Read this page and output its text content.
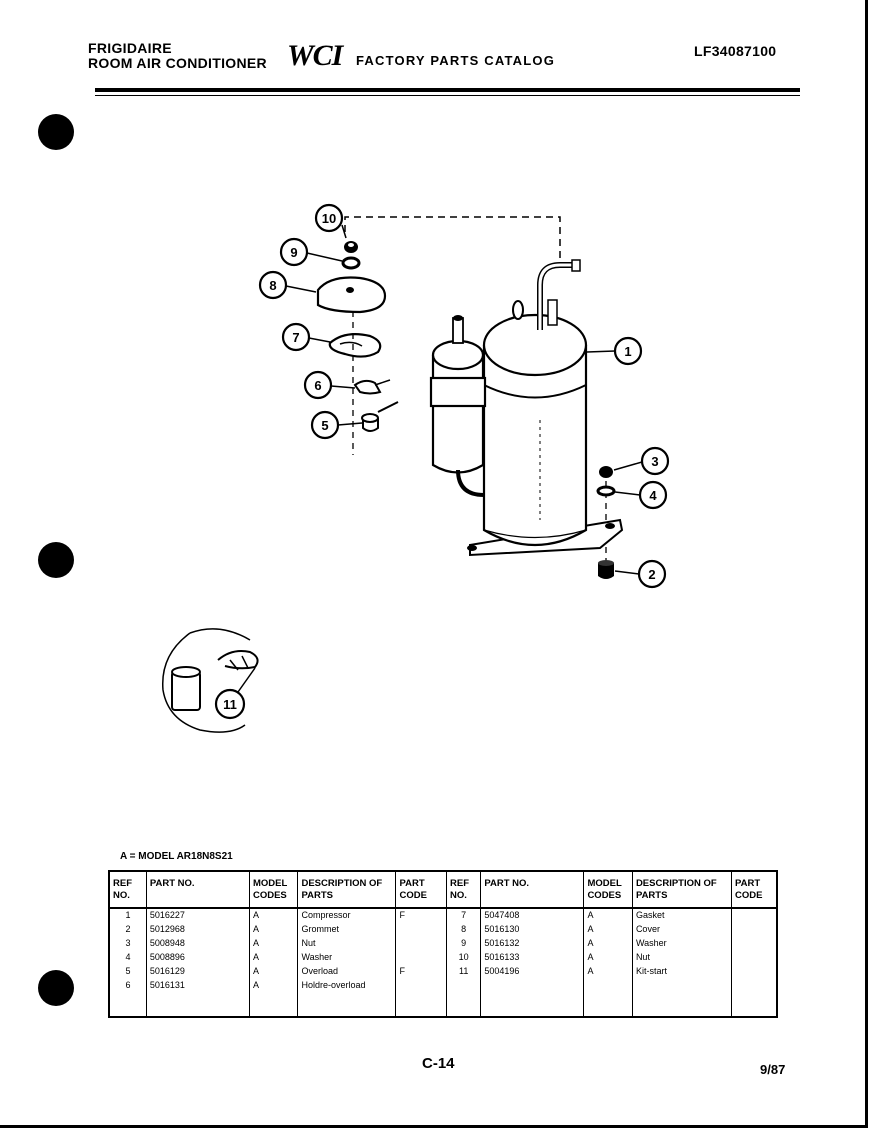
FRIGIDAIRE
ROOM AIR CONDITIONER WCI FACTORY PARTS CATALOG
LF34087100
10
9
8
7
6
5
1
3
4
2
11
A = MODEL AR18N8S21
REF NO.	PART NO.	MODEL CODES	DESCRIPTION OF PARTS	PART CODE	REF NO.	PART NO.	MODEL CODES	DESCRIPTION OF PARTS	PART CODE
1	5016227	A	Compressor	F	7	5047408	A	Gasket	
2	5012968	A	Grommet		8	5016130	A	Cover	
3	5008948	A	Nut		9	5016132	A	Washer	
4	5008896	A	Washer		10	5016133	A	Nut	
5	5016129	A	Overload	F	11	5004196	A	Kit-start	
6	5016131	A	Holdre-overload						

C-14	9/87
